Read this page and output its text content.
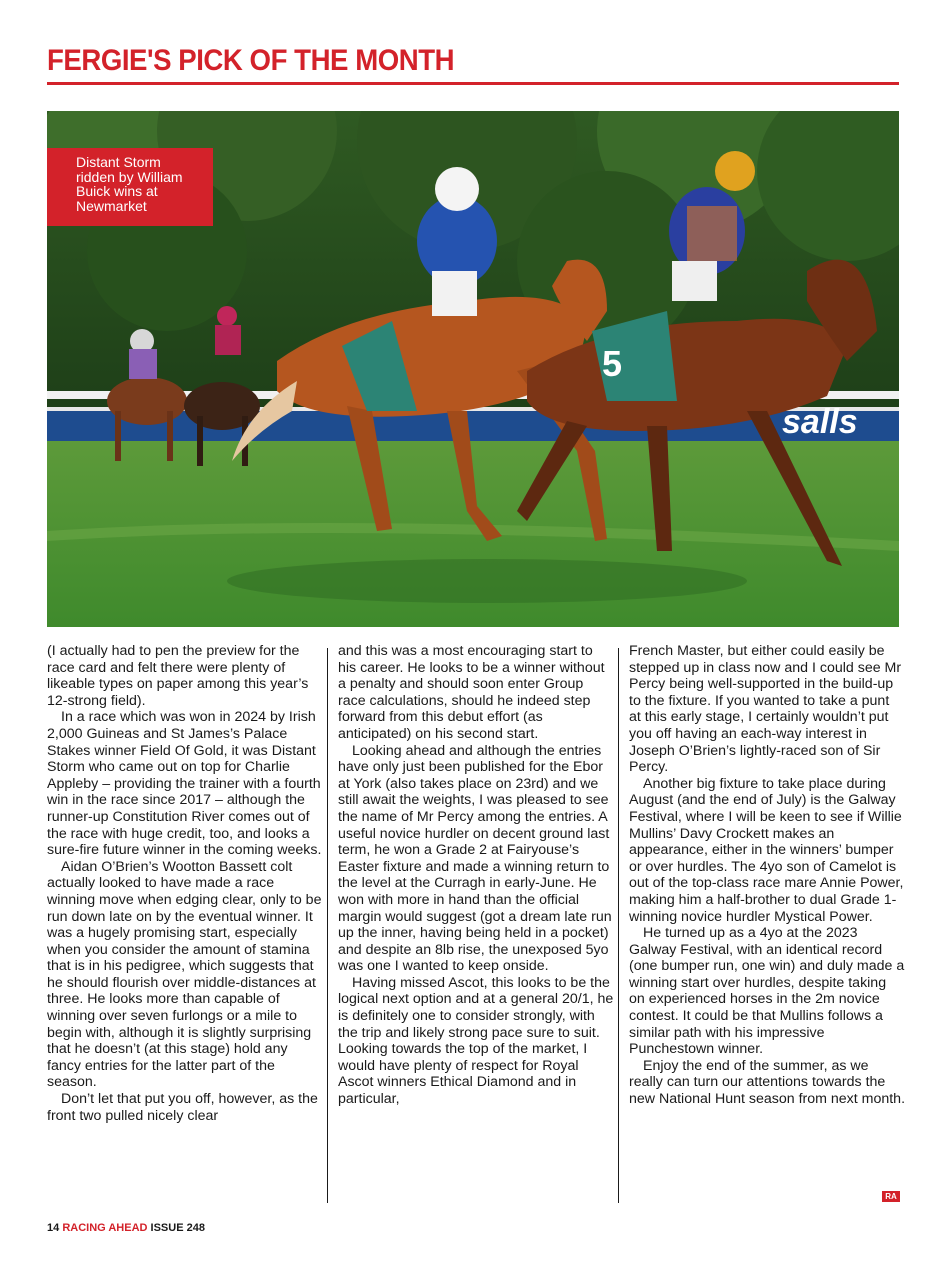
FERGIE'S PICK OF THE MONTH
salls
5
Distant Storm
ridden by William
Buick wins at
Newmarket

(I actually had to pen the preview for the race card and felt there were plenty of likeable types on paper among this year’s 12-strong field).

In a race which was won in 2024 by Irish 2,000 Guineas and St James’s Palace Stakes winner Field Of Gold, it was Distant Storm who came out on top for Charlie Appleby – providing the trainer with a fourth win in the race since 2017 – although the runner-up Constitution River comes out of the race with huge credit, too, and looks a sure-fire future winner in the coming weeks.

Aidan O’Brien’s Wootton Bassett colt actually looked to have made a race winning move when edging clear, only to be run down late on by the eventual winner. It was a hugely promising start, especially when you consider the amount of stamina that is in his pedigree, which suggests that he should flourish over middle-distances at three. He looks more than capable of winning over seven furlongs or a mile to begin with, although it is slightly surprising that he doesn’t (at this stage) hold any fancy entries for the latter part of the season.

Don’t let that put you off, however, as the front two pulled nicely clear

and this was a most encouraging start to his career. He looks to be a winner without a penalty and should soon enter Group race calculations, should he indeed step forward from this debut effort (as anticipated) on his second start.

Looking ahead and although the entries have only just been published for the Ebor at York (also takes place on 23rd) and we still await the weights, I was pleased to see the name of Mr Percy among the entries. A useful novice hurdler on decent ground last term, he won a Grade 2 at Fairyouse’s Easter fixture and made a winning return to the level at the Curragh in early-June. He won with more in hand than the official margin would suggest (got a dream late run up the inner, having being held in a pocket) and despite an 8lb rise, the unexposed 5yo was one I wanted to keep onside.

Having missed Ascot, this looks to be the logical next option and at a general 20/1, he is definitely one to consider strongly, with the trip and likely strong pace sure to suit. Looking towards the top of the market, I would have plenty of respect for Royal Ascot winners Ethical Diamond and in particular,

French Master, but either could easily be stepped up in class now and I could see Mr Percy being well-supported in the build-up to the fixture. If you wanted to take a punt at this early stage, I certainly wouldn’t put you off having an each-way interest in Joseph O’Brien’s lightly-raced son of Sir Percy.

Another big fixture to take place during August (and the end of July) is the Galway Festival, where I will be keen to see if Willie Mullins’ Davy Crockett makes an appearance, either in the winners’ bumper or over hurdles. The 4yo son of Camelot is out of the top-class race mare Annie Power, making him a half-brother to dual Grade 1-winning novice hurdler Mystical Power.

He turned up as a 4yo at the 2023 Galway Festival, with an identical record (one bumper run, one win) and duly made a winning start over hurdles, despite taking on experienced horses in the 2m novice contest. It could be that Mullins follows a similar path with his impressive Punchestown winner.

Enjoy the end of the summer, as we really can turn our attentions towards the new National Hunt season from next month.

RA
14 RACING AHEAD ISSUE 248
